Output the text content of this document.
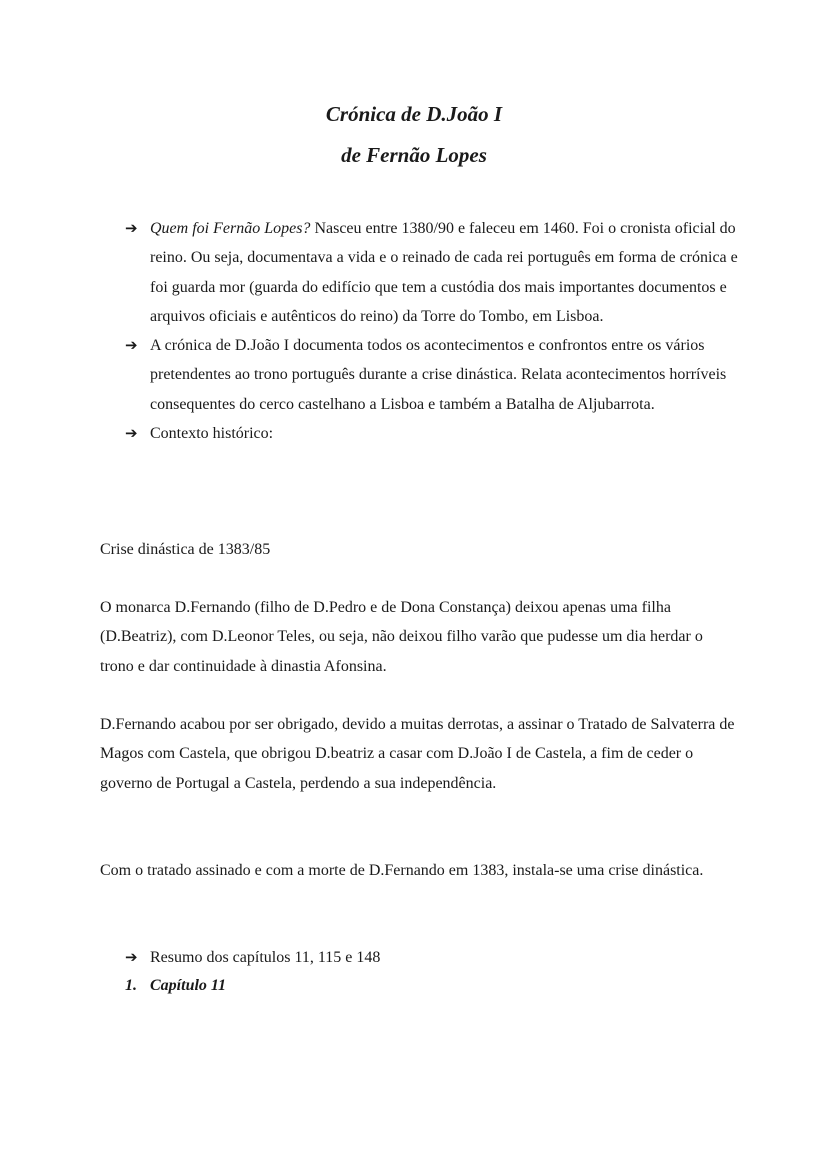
Crónica de D.João I
de Fernão Lopes
➔ Quem foi Fernão Lopes? Nasceu entre 1380/90 e faleceu em 1460. Foi o cronista oficial do reino. Ou seja, documentava a vida e o reinado de cada rei português em forma de crónica e foi guarda mor (guarda do edifício que tem a custódia dos mais importantes documentos e arquivos oficiais e autênticos do reino) da Torre do Tombo, em Lisboa.
➔ A crónica de D.João I documenta todos os acontecimentos e confrontos entre os vários pretendentes ao trono português durante a crise dinástica. Relata acontecimentos horríveis consequentes do cerco castelhano a Lisboa e também a Batalha de Aljubarrota.
➔ Contexto histórico:
Crise dinástica de 1383/85
O monarca D.Fernando (filho de D.Pedro e de Dona Constança) deixou apenas uma filha (D.Beatriz), com D.Leonor Teles, ou seja, não deixou filho varão que pudesse um dia herdar o trono e dar continuidade à dinastia Afonsina.
D.Fernando acabou por ser obrigado, devido a muitas derrotas, a assinar o Tratado de Salvaterra de Magos com Castela, que obrigou D.beatriz a casar com D.João I de Castela, a fim de ceder o governo de Portugal a Castela, perdendo a sua independência.
Com o tratado assinado e com a morte de D.Fernando em 1383, instala-se uma crise dinástica.
➔ Resumo dos capítulos 11, 115 e 148
1. Capítulo 11
